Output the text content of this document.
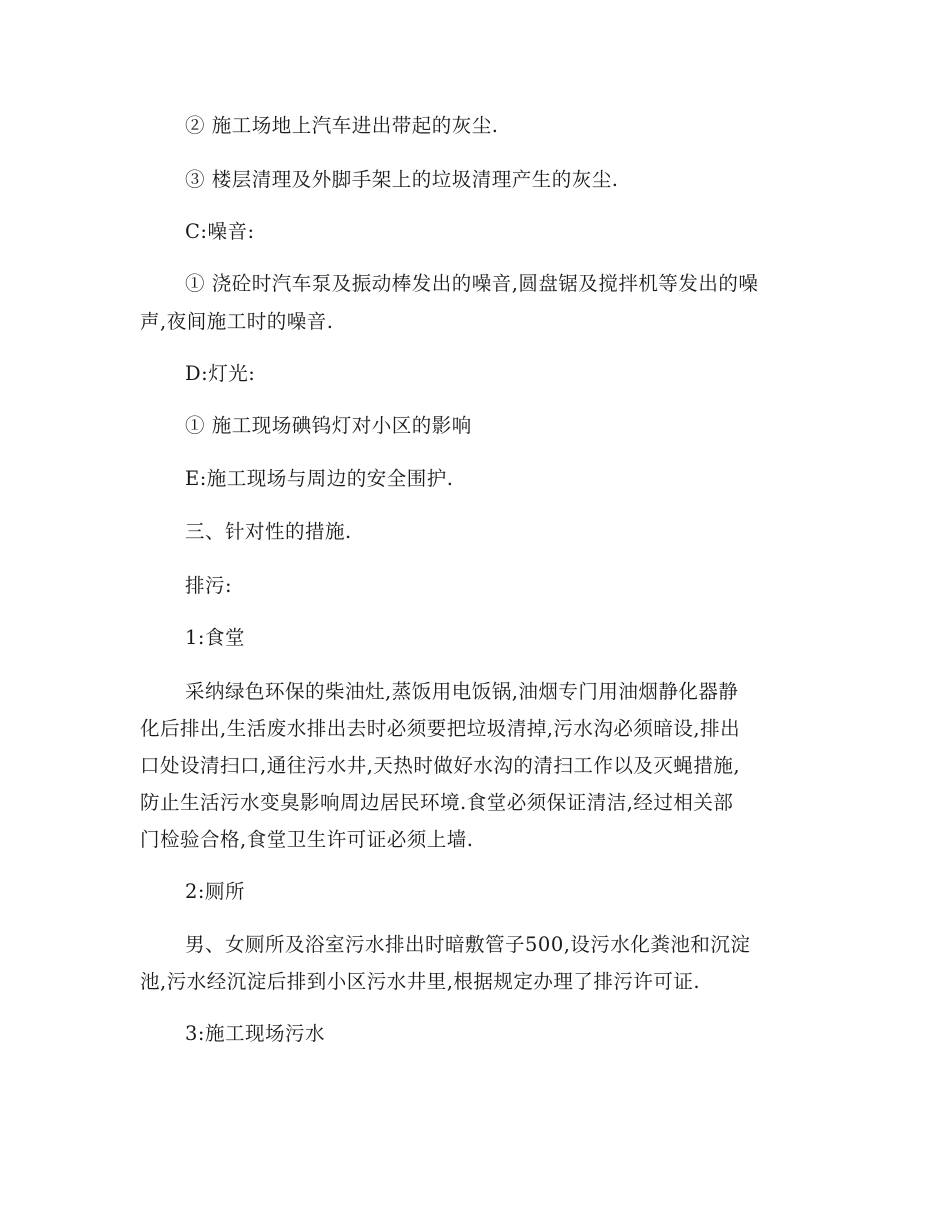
② 施工场地上汽车进出带起的灰尘.
③ 楼层清理及外脚手架上的垃圾清理产生的灰尘.
C:噪音:
① 浇砼时汽车泵及振动棒发出的噪音,圆盘锯及搅拌机等发出的噪
声,夜间施工时的噪音.
D:灯光:
① 施工现场碘钨灯对小区的影响
E:施工现场与周边的安全围护.
三、针对性的措施.
排污:
1:食堂
采纳绿色环保的柴油灶,蒸饭用电饭锅,油烟专门用油烟静化器静
化后排出,生活废水排出去时必须要把垃圾清掉,污水沟必须暗设,排出
口处设清扫口,通往污水井,天热时做好水沟的清扫工作以及灭蝇措施,
防止生活污水变臭影响周边居民环境.食堂必须保证清洁,经过相关部
门检验合格,食堂卫生许可证必须上墙.
2:厕所
男、女厕所及浴室污水排出时暗敷管子500,设污水化粪池和沉淀
池,污水经沉淀后排到小区污水井里,根据规定办理了排污许可证.
3:施工现场污水
